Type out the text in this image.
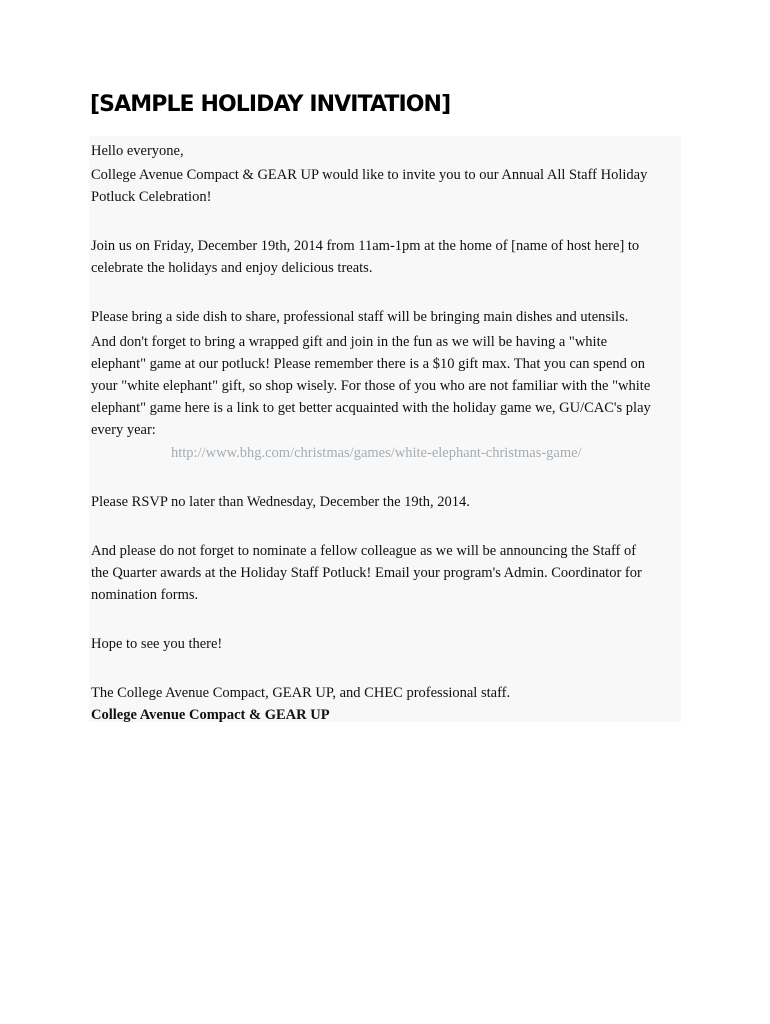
[SAMPLE HOLIDAY INVITATION]

Hello everyone,

College Avenue Compact & GEAR UP would like to invite you to our Annual All Staff Holiday

Potluck Celebration!

Join us on Friday, December 19th, 2014 from 11am-1pm at the home of [name of host here] to

celebrate the holidays and enjoy delicious treats.

Please bring a side dish to share, professional staff will be bringing main dishes and utensils.

And don't forget to bring a wrapped gift and join in the fun as we will be having a "white

elephant" game at our potluck! Please remember there is a $10 gift max. That you can spend on

your "white elephant" gift, so shop wisely. For those of you who are not familiar with the "white

elephant" game here is a link to get better acquainted with the holiday game we, GU/CAC's play

every year:

http://www.bhg.com/christmas/games/white-elephant-christmas-game/

Please RSVP no later than Wednesday, December the 19th, 2014.

And please do not forget to nominate a fellow colleague as we will be announcing the Staff of

the Quarter awards at the Holiday Staff Potluck! Email your program's Admin. Coordinator for

nomination forms.

Hope to see you there!

The College Avenue Compact, GEAR UP, and CHEC professional staff.

College Avenue Compact & GEAR UP
